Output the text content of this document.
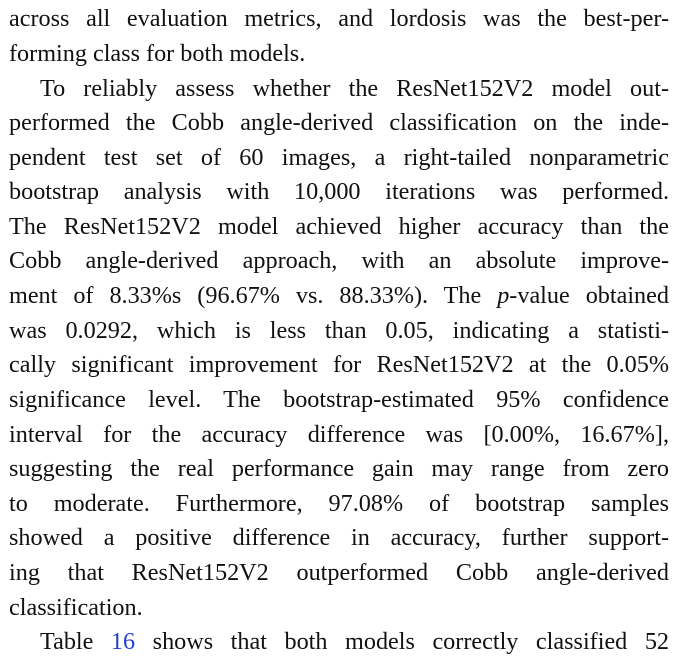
across all evaluation metrics, and lordosis was the best-per-
forming class for both models.
To reliably assess whether the ResNet152V2 model out-
performed the Cobb angle-derived classification on the inde-
pendent test set of 60 images, a right-tailed nonparametric
bootstrap analysis with 10,000 iterations was performed.
The ResNet152V2 model achieved higher accuracy than the
Cobb angle-derived approach, with an absolute improve-
ment of 8.33%s (96.67% vs. 88.33%). The p-value obtained
was 0.0292, which is less than 0.05, indicating a statisti-
cally significant improvement for ResNet152V2 at the 0.05%
significance level. The bootstrap-estimated 95% confidence
interval for the accuracy difference was [0.00%, 16.67%],
suggesting the real performance gain may range from zero
to moderate. Furthermore, 97.08% of bootstrap samples
showed a positive difference in accuracy, further support-
ing that ResNet152V2 outperformed Cobb angle-derived
classification.
Table 16 shows that both models correctly classified 52
